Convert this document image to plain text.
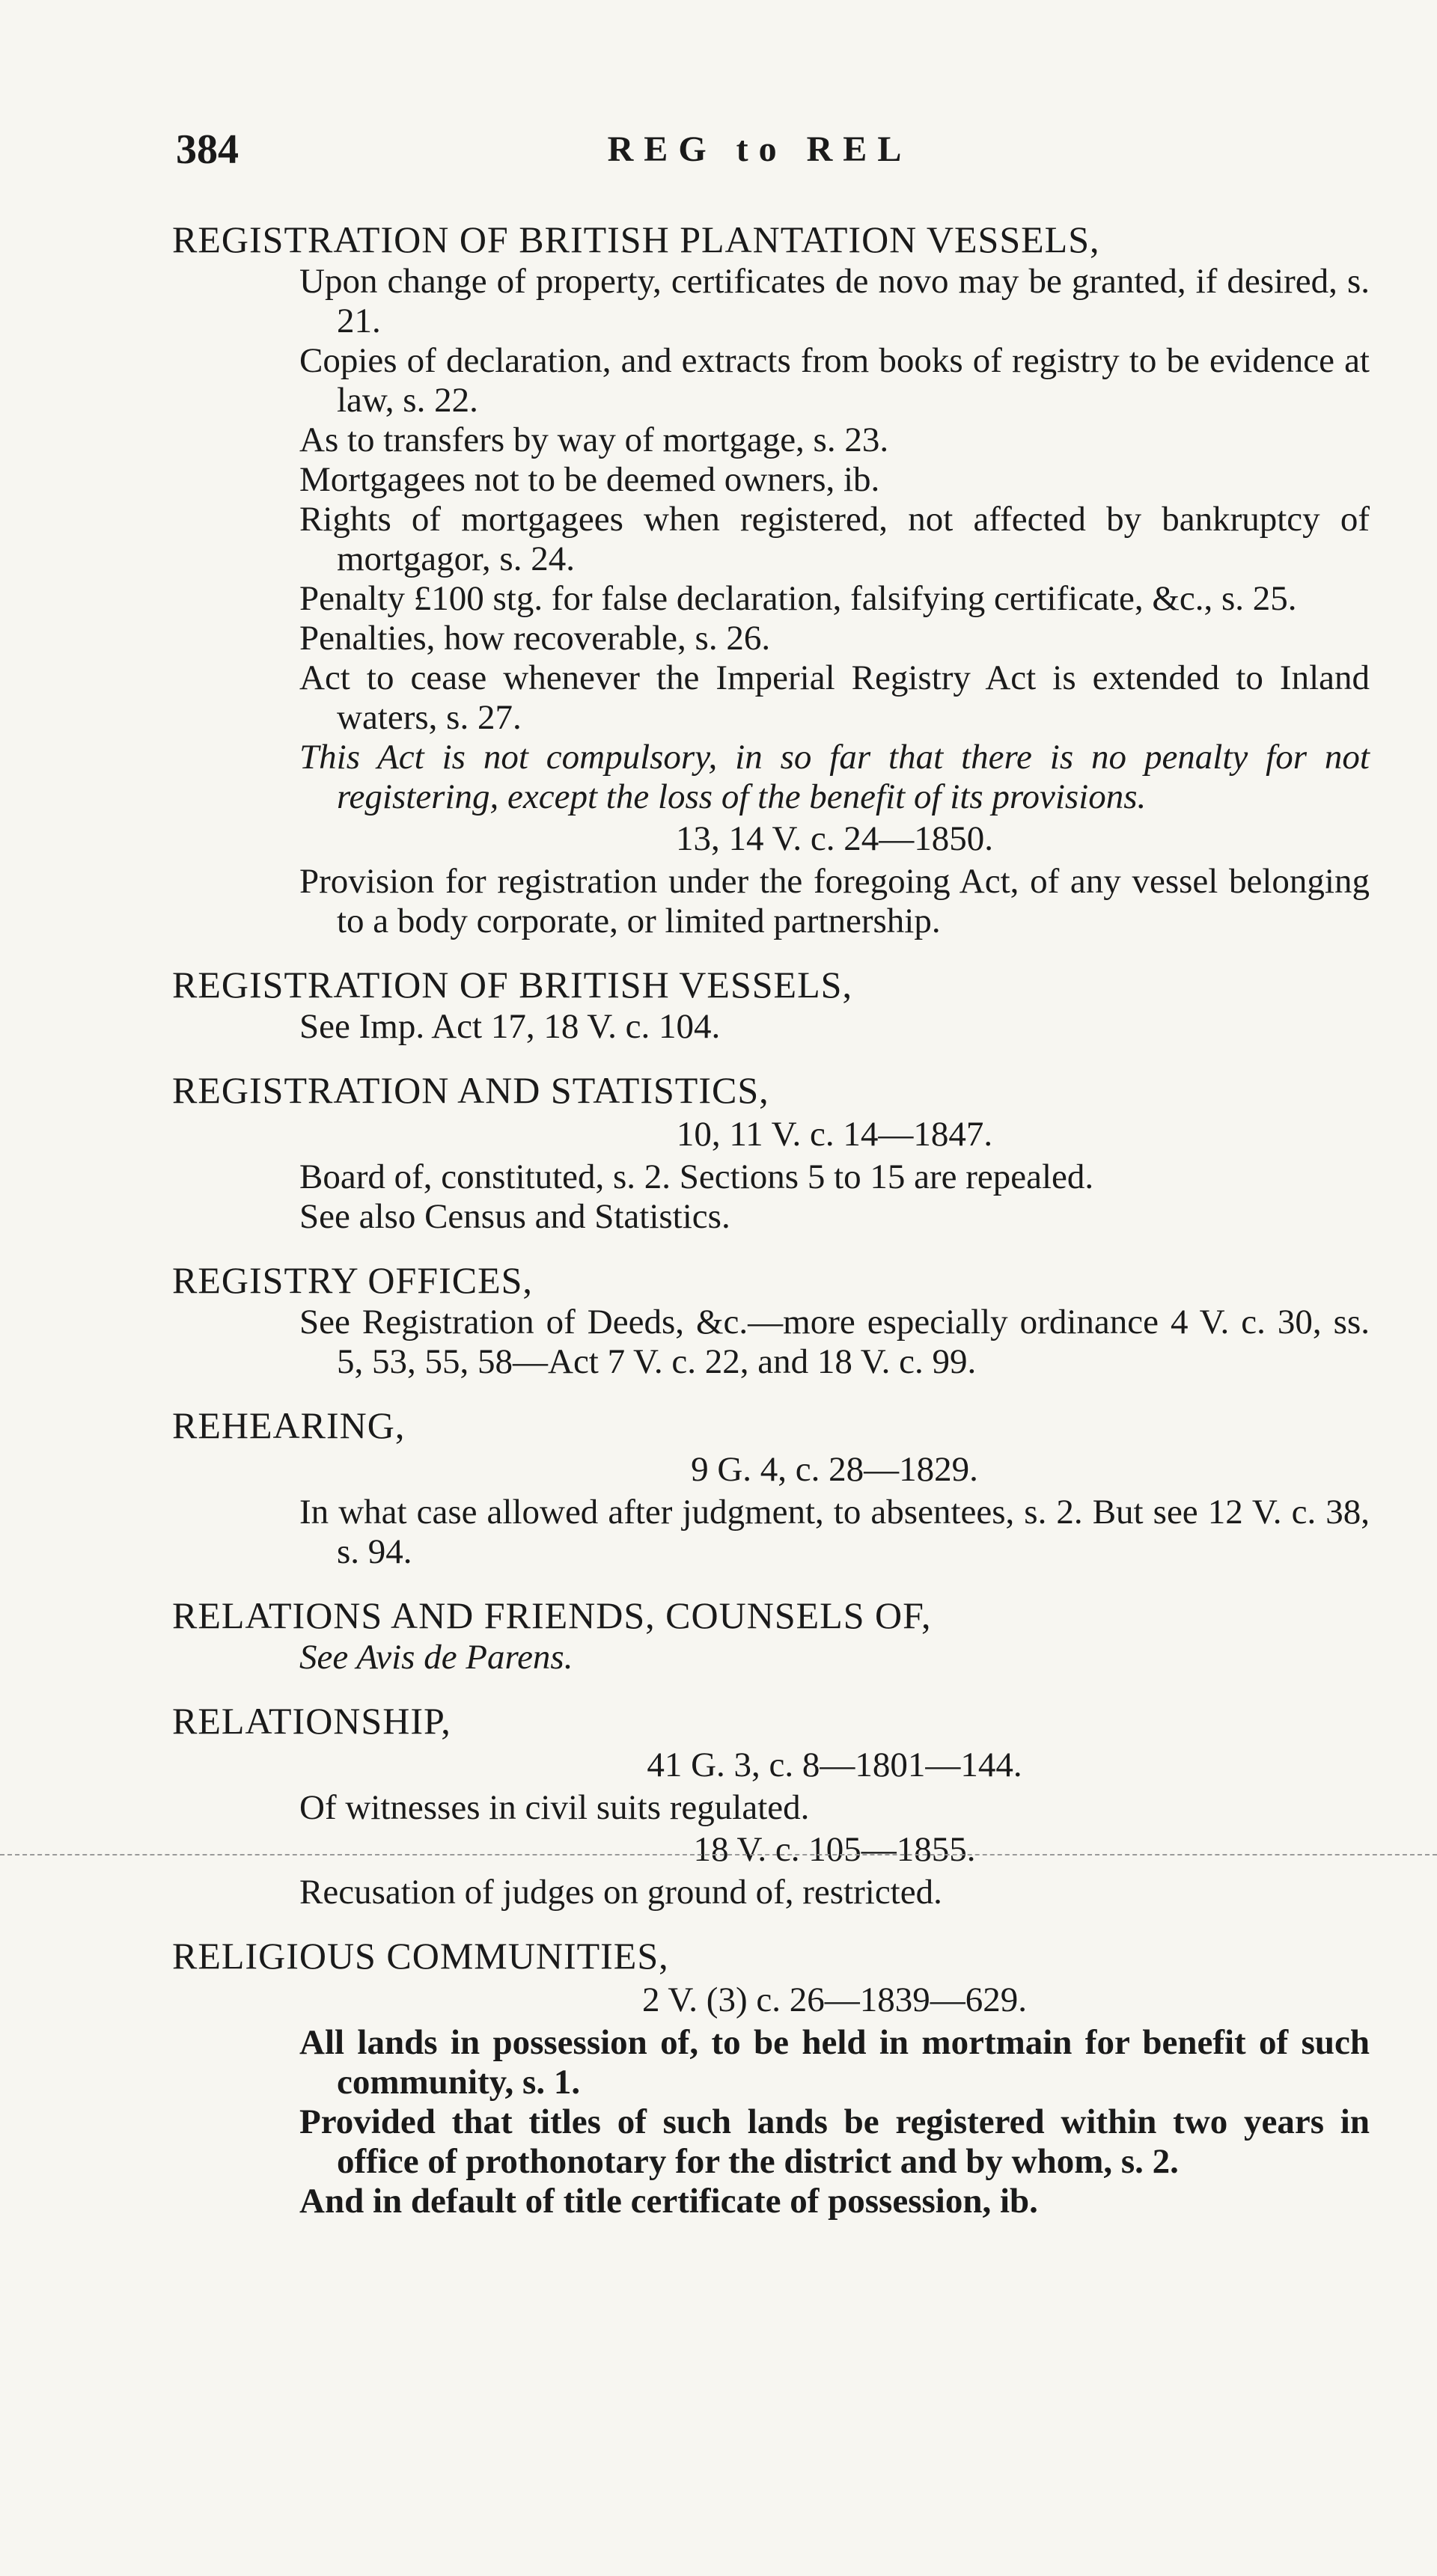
384	REG to REL
REGISTRATION OF BRITISH PLANTATION VESSELS,
Upon change of property, certificates de novo may be granted, if desired, s. 21.
Copies of declaration, and extracts from books of registry to be evidence at law, s. 22.
As to transfers by way of mortgage, s. 23.
Mortgagees not to be deemed owners, ib.
Rights of mortgagees when registered, not affected by bankruptcy of mortgagor, s. 24.
Penalty £100 stg. for false declaration, falsifying certificate, &c., s. 25.
Penalties, how recoverable, s. 26.
Act to cease whenever the Imperial Registry Act is extended to Inland waters, s. 27.
This Act is not compulsory, in so far that there is no penalty for not registering, except the loss of the benefit of its provisions.
13, 14 V. c. 24—1850.
Provision for registration under the foregoing Act, of any vessel belonging to a body corporate, or limited partnership.
REGISTRATION OF BRITISH VESSELS,
See Imp. Act 17, 18 V. c. 104.
REGISTRATION AND STATISTICS,
10, 11 V. c. 14—1847.
Board of, constituted, s. 2. Sections 5 to 15 are repealed.
See also Census and Statistics.
REGISTRY OFFICES,
See Registration of Deeds, &c.—more especially ordinance 4 V. c. 30, ss. 5, 53, 55, 58—Act 7 V. c. 22, and 18 V. c. 99.
REHEARING,
9 G. 4, c. 28—1829.
In what case allowed after judgment, to absentees, s. 2. But see 12 V. c. 38, s. 94.
RELATIONS AND FRIENDS, COUNSELS OF,
See Avis de Parens.
RELATIONSHIP,
41 G. 3, c. 8—1801—144.
Of witnesses in civil suits regulated.
18 V. c. 105—1855.
Recusation of judges on ground of, restricted.
RELIGIOUS COMMUNITIES,
2 V. (3) c. 26—1839—629.
All lands in possession of, to be held in mortmain for benefit of such community, s. 1.
Provided that titles of such lands be registered within two years in office of prothonotary for the district and by whom, s. 2.
And in default of title certificate of possession, ib.
